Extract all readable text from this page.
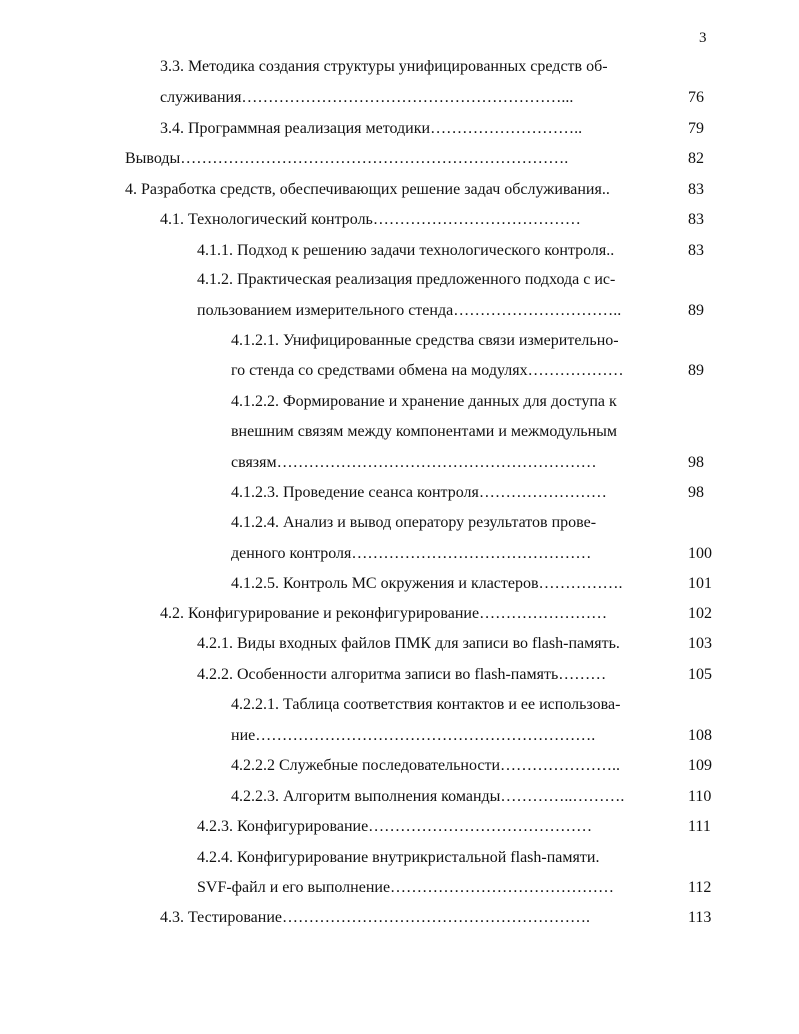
3
3.3. Методика создания структуры унифицированных средств об-
служивания……………………………………………………...	76
3.4. Программная реализация методики………………………..	79
Выводы……………………………………………………………….	82
4. Разработка средств, обеспечивающих решение задач обслуживания..	83
4.1. Технологический контроль…………………………………	83
4.1.1. Подход к решению задачи технологического контроля..	83
4.1.2. Практическая реализация предложенного подхода с ис-
пользованием измерительного стенда…………………………..	89
4.1.2.1. Унифицированные средства связи измерительно-
го стенда со средствами обмена на модулях………………	89
4.1.2.2. Формирование и хранение данных для доступа к
внешним связям между компонентами и межмодульным
связям……………………………………………………	98
4.1.2.3. Проведение сеанса контроля……………………	98
4.1.2.4. Анализ и вывод оператору результатов прове-
денного контроля………………………………………	100
4.1.2.5. Контроль МС окружения и кластеров…………….	101
4.2. Конфигурирование и реконфигурирование……………………	102
4.2.1. Виды входных файлов ПМК для записи во flash-память.	103
4.2.2. Особенности алгоритма записи во flash-память………	105
4.2.2.1. Таблица соответствия контактов и ее использова-
ние……………………………………………………….	108
4.2.2.2 Служебные последовательности…………………..	109
4.2.2.3. Алгоритм выполнения команды…………..……….	110
4.2.3. Конфигурирование……………………………………	111
4.2.4. Конфигурирование внутрикристальной flash-памяти.
SVF-файл и его выполнение……………………………………	112
4.3. Тестирование………………………………………………….	113
